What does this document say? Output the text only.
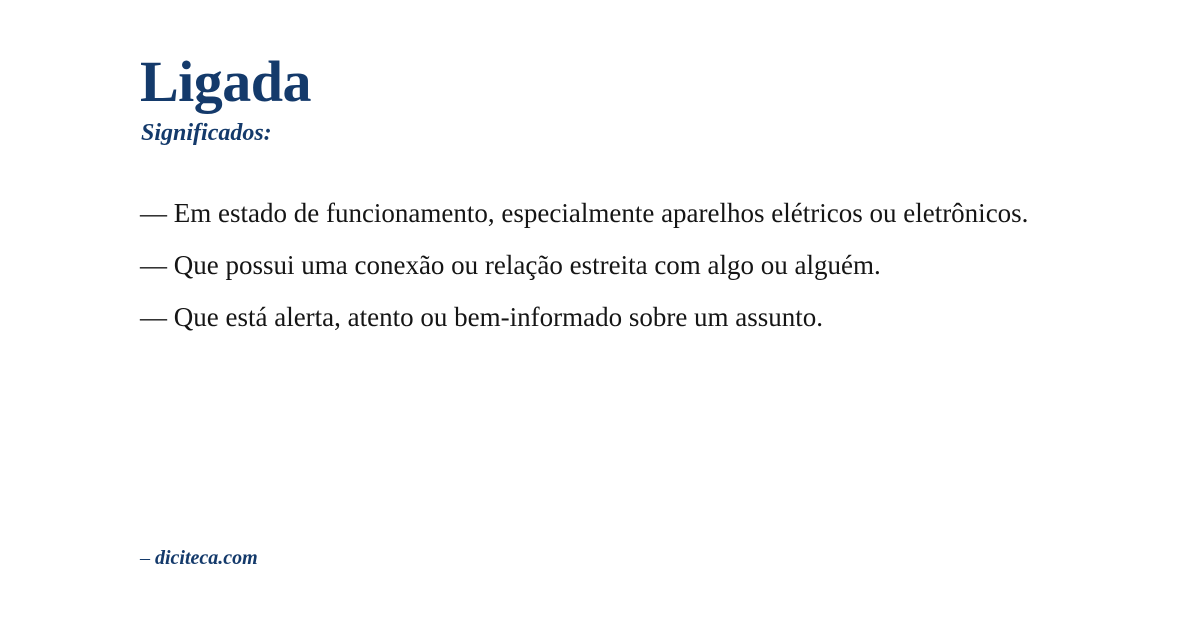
Ligada
Significados:

— Em estado de funcionamento, especialmente aparelhos elétricos ou eletrônicos.

— Que possui uma conexão ou relação estreita com algo ou alguém.

— Que está alerta, atento ou bem-informado sobre um assunto.

– diciteca.com
